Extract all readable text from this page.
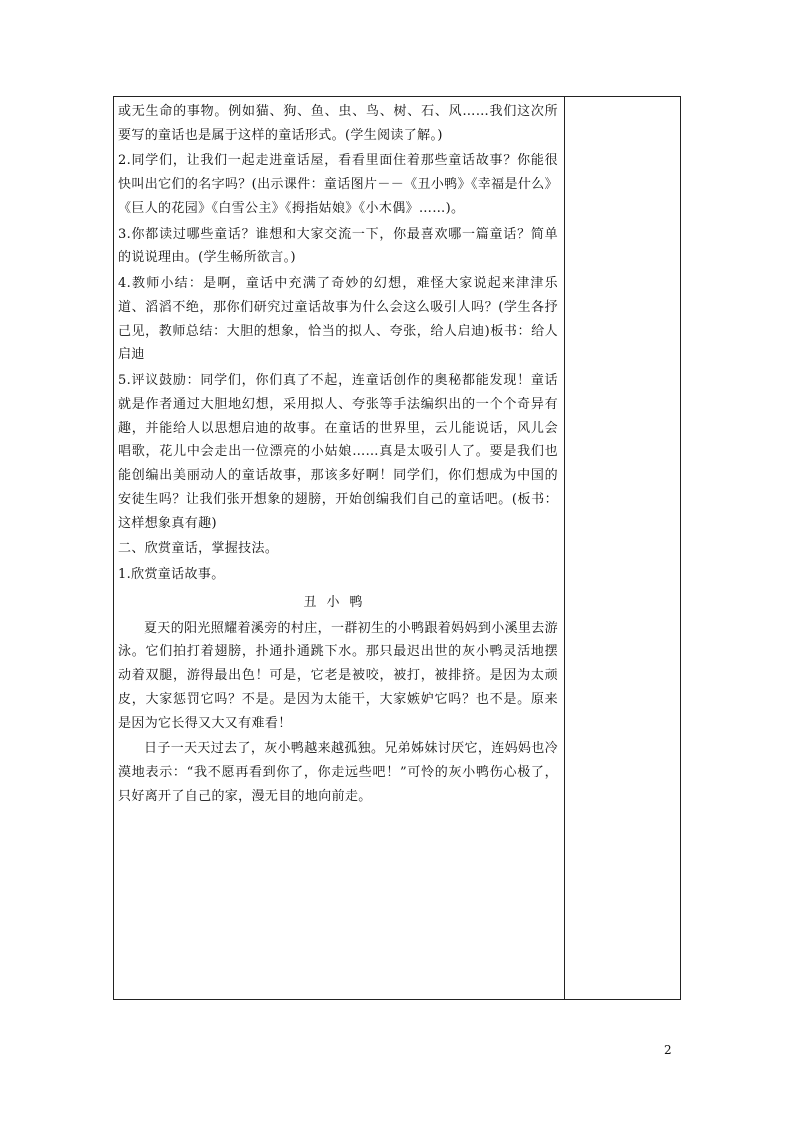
或无生命的事物。例如猫、狗、鱼、虫、鸟、树、石、风……我们这次所要写的童话也是属于这样的童话形式。(学生阅读了解。)

2.同学们，让我们一起走进童话屋，看看里面住着那些童话故事？你能很快叫出它们的名字吗？(出示课件：童话图片－－《丑小鸭》《幸福是什么》《巨人的花园》《白雪公主》《拇指姑娘》《小木偶》……)。

3.你都读过哪些童话？谁想和大家交流一下，你最喜欢哪一篇童话？简单的说说理由。(学生畅所欲言。)

4.教师小结：是啊，童话中充满了奇妙的幻想，难怪大家说起来津津乐道、滔滔不绝，那你们研究过童话故事为什么会这么吸引人吗？(学生各抒己见，教师总结：大胆的想象，恰当的拟人、夸张，给人启迪)板书：给人启迪

5.评议鼓励：同学们，你们真了不起，连童话创作的奥秘都能发现！童话就是作者通过大胆地幻想，采用拟人、夸张等手法编织出的一个个奇异有趣，并能给人以思想启迪的故事。在童话的世界里，云儿能说话，风儿会唱歌，花儿中会走出一位漂亮的小姑娘……真是太吸引人了。要是我们也能创编出美丽动人的童话故事，那该多好啊！同学们，你们想成为中国的安徒生吗？让我们张开想象的翅膀，开始创编我们自己的童话吧。(板书：这样想象真有趣)

二、欣赏童话，掌握技法。

1.欣赏童话故事。

丑小鸭

夏天的阳光照耀着溪旁的村庄，一群初生的小鸭跟着妈妈到小溪里去游泳。它们拍打着翅膀，扑通扑通跳下水。那只最迟出世的灰小鸭灵活地摆动着双腿，游得最出色！可是，它老是被咬，被打，被排挤。是因为太顽皮，大家惩罚它吗？不是。是因为太能干，大家嫉妒它吗？也不是。原来是因为它长得又大又有难看！

日子一天天过去了，灰小鸭越来越孤独。兄弟姊妹讨厌它，连妈妈也冷漠地表示：“我不愿再看到你了，你走远些吧！”可怜的灰小鸭伤心极了，只好离开了自己的家，漫无目的地向前走。

2
